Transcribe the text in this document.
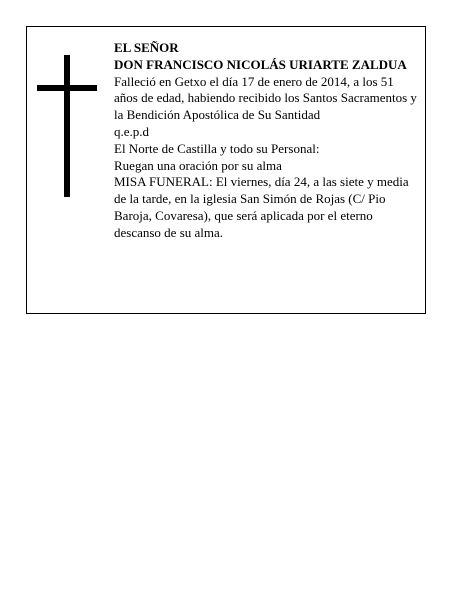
EL SEÑOR

DON FRANCISCO NICOLÁS URIARTE ZALDUA

Falleció en Getxo el día 17 de enero de 2014, a los 51 años de edad, habiendo recibido los Santos Sacramentos y la Bendición Apostólica de Su Santidad

q.e.p.d

El Norte de Castilla y todo su Personal:

Ruegan una oración por su alma

MISA FUNERAL: El viernes, día 24, a las siete y media de la tarde, en la iglesia San Simón de Rojas (C/ Pio Baroja, Covaresa), que será aplicada por el eterno descanso de su alma.
